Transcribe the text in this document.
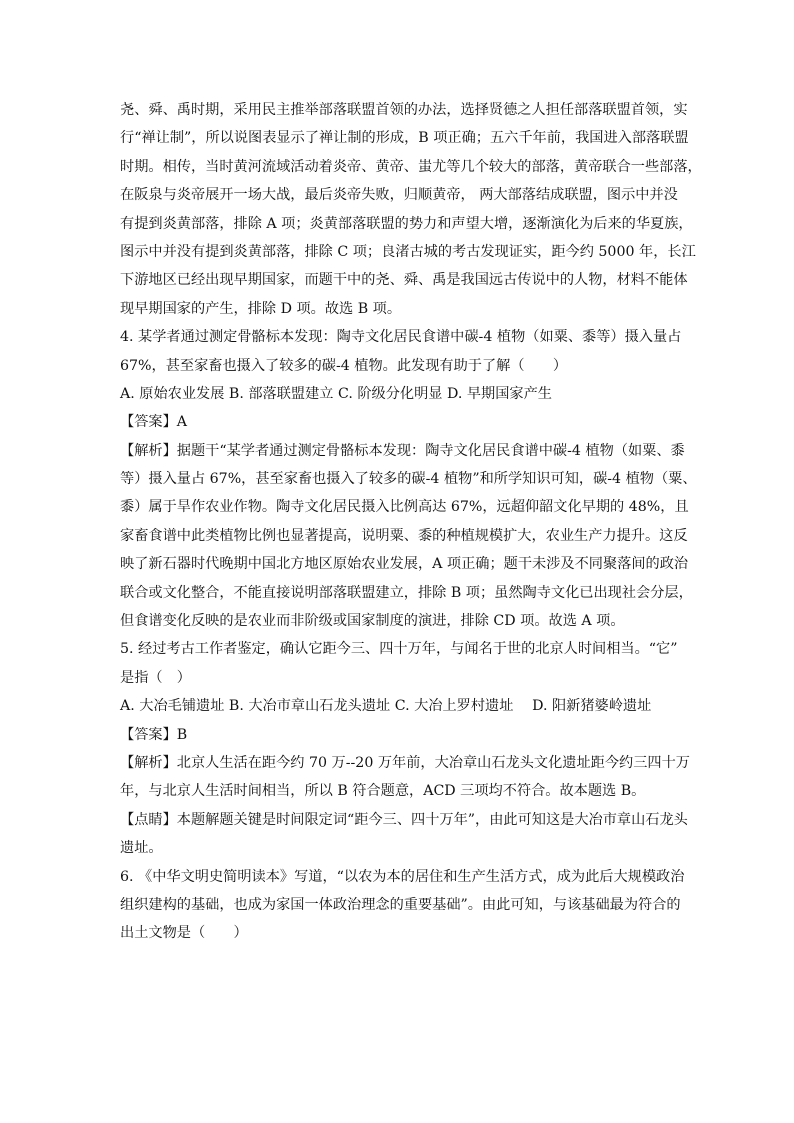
尧、舜、禹时期，采用民主推举部落联盟首领的办法，选择贤德之人担任部落联盟首领，实
行“禅让制”，所以说图表显示了禅让制的形成，B 项正确；五六千年前，我国进入部落联盟
时期。相传，当时黄河流域活动着炎帝、黄帝、蚩尤等几个较大的部落，黄帝联合一些部落，
在阪泉与炎帝展开一场大战，最后炎帝失败，归顺黄帝， 两大部落结成联盟，图示中并没
有提到炎黄部落，排除 A 项；炎黄部落联盟的势力和声望大增，逐渐演化为后来的华夏族，
图示中并没有提到炎黄部落，排除 C 项；良渚古城的考古发现证实，距今约 5000 年，长江
下游地区已经出现早期国家，而题干中的尧、舜、禹是我国远古传说中的人物，材料不能体
现早期国家的产生，排除 D 项。故选 B 项。
4. 某学者通过测定骨骼标本发现：陶寺文化居民食谱中碳-4 植物（如粟、黍等）摄入量占
67%，甚至家畜也摄入了较多的碳-4 植物。此发现有助于了解（　　）
A. 原始农业发展 B. 部落联盟建立 C. 阶级分化明显 D. 早期国家产生
【答案】A
【解析】据题干“某学者通过测定骨骼标本发现：陶寺文化居民食谱中碳-4 植物（如粟、黍
等）摄入量占 67%，甚至家畜也摄入了较多的碳-4 植物”和所学知识可知，碳-4 植物（粟、
黍）属于旱作农业作物。陶寺文化居民摄入比例高达 67%，远超仰韶文化早期的 48%，且
家畜食谱中此类植物比例也显著提高，说明粟、黍的种植规模扩大，农业生产力提升。这反
映了新石器时代晚期中国北方地区原始农业发展，A 项正确；题干未涉及不同聚落间的政治
联合或文化整合，不能直接说明部落联盟建立，排除 B 项；虽然陶寺文化已出现社会分层，
但食谱变化反映的是农业而非阶级或国家制度的演进，排除 CD 项。故选 A 项。
5. 经过考古工作者鉴定，确认它距今三、四十万年，与闻名于世的北京人时间相当。“它”
是指（　）
A. 大冶毛铺遗址 B. 大冶市章山石龙头遗址 C. 大冶上罗村遗址　 D. 阳新猪婆岭遗址
【答案】B
【解析】北京人生活在距今约 70 万--20 万年前，大冶章山石龙头文化遗址距今约三四十万
年，与北京人生活时间相当，所以 B 符合题意，ACD 三项均不符合。故本题选 B。
【点睛】本题解题关键是时间限定词“距今三、四十万年”，由此可知这是大冶市章山石龙头
遗址。
6. 《中华文明史简明读本》写道，“以农为本的居住和生产生活方式，成为此后大规模政治
组织建构的基础，也成为家国一体政治理念的重要基础”。由此可知，与该基础最为符合的
出土文物是（　　）
